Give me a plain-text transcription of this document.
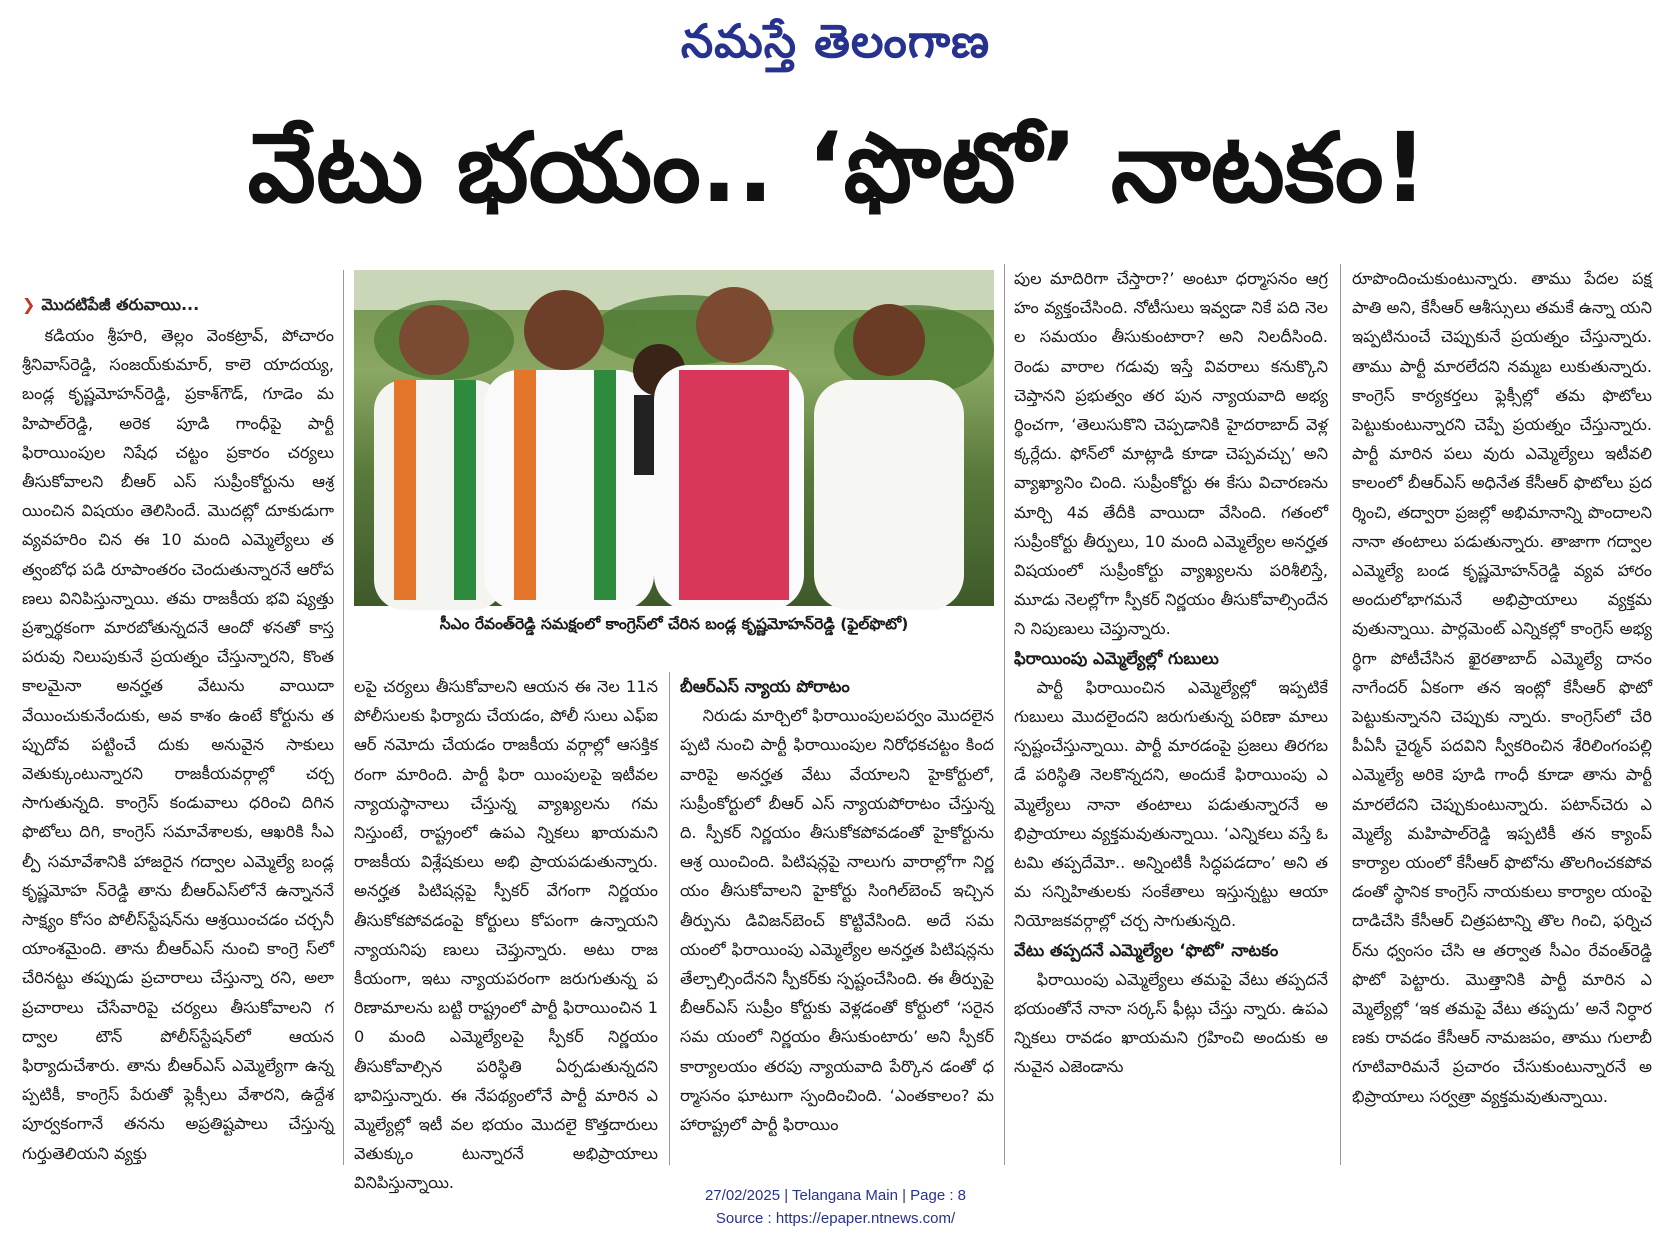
నమస్తే తెలంగాణ
వేటు భయం.. ‘ఫొటో’ నాటకం!
❯ మొదటిపేజీ తరువాయి...

కడియం శ్రీహరి, తెల్లం వెంకట్రావ్, పోచారం శ్రీనివాస్‌రెడ్డి, సంజయ్‌కుమార్, కాలె యాదయ్య, బండ్ల కృష్ణమోహన్‌రెడ్డి, ప్రకాశ్‌గౌడ్, గూడెం మహిపాల్‌రెడ్డి, అరెక పూడి గాంధీపై పార్టీ ఫిరాయింపుల నిషేధ చట్టం ప్రకారం చర్యలు తీసుకోవాలని బీఆర్ ఎస్ సుప్రీంకోర్టును ఆశ్రయించిన విషయం తెలిసిందే. మొదట్లో దూకుడుగా వ్యవహరిం చిన ఈ 10 మంది ఎమ్మెల్యేలు తత్వంబోధ పడి రూపాంతరం చెందుతున్నారనే ఆరోప ణలు వినిపిస్తున్నాయి. తమ రాజకీయ భవి ష్యత్తు ప్రశ్నార్థకంగా మారబోతున్నదనే ఆందో ళనతో కాస్త పరువు నిలుపుకునే ప్రయత్నం చేస్తున్నారని, కొంతకాలమైనా అనర్హత వేటును వాయిదా వేయించుకునేందుకు, అవ కాశం ఉంటే కోర్టును తప్పుదోవ పట్టించే దుకు అనువైన సాకులు వెతుక్కుంటున్నారని రాజకీయవర్గాల్లో చర్చ సాగుతున్నది. కాంగ్రెస్ కండువాలు ధరించి దిగిన ఫొటోలు దిగి, కాంగ్రెస్ సమావేశాలకు, ఆఖరికి సీఎల్పీ సమావేశానికి హాజరైన గద్వాల ఎమ్మెల్యే బండ్ల కృష్ణమోహ న్‌రెడ్డి తాను బీఆర్‌ఎస్‌లోనే ఉన్నాననే సాక్ష్యం కోసం పోలీస్‌స్టేషన్‌ను ఆశ్రయించడం చర్చనీ యాంశమైంది. తాను బీఆర్‌ఎస్ నుంచి కాంగ్రె స్‌లో చేరినట్టు తప్పుడు ప్రచారాలు చేస్తున్నా రని, అలా ప్రచారాలు చేసేవారిపై చర్యలు తీసుకోవాలని గద్వాల టౌన్ పోలీస్‌స్టేషన్‌లో ఆయన ఫిర్యాదుచేశారు. తాను బీఆర్‌ఎస్ ఎమ్మెల్యేగా ఉన్నప్పటికీ, కాంగ్రెస్ పేరుతో ఫ్లెక్సీలు వేశారని, ఉద్దేశపూర్వకంగానే తనను అప్రతిష్టపాలు చేస్తున్న గుర్తుతెలియని వ్యక్తు

సీఎం రేవంత్‌రెడ్డి సమక్షంలో కాంగ్రెస్‌లో చేరిన బండ్ల కృష్ణమోహన్‌రెడ్డి (ఫైల్‌ఫొటో)

లపై చర్యలు తీసుకోవాలని ఆయన ఈ నెల 11న పోలీసులకు ఫిర్యాదు చేయడం, పోలీ సులు ఎఫ్‌ఐఆర్ నమోదు చేయడం రాజకీయ వర్గాల్లో ఆసక్తికరంగా మారింది. పార్టీ ఫిరా యింపులపై ఇటీవల న్యాయస్థానాలు చేస్తున్న వ్యాఖ్యలను గమనిస్తుంటే, రాష్ట్రంలో ఉపఎ న్నికలు ఖాయమని రాజకీయ విశ్లేషకులు అభి ప్రాయపడుతున్నారు. అనర్హత పిటిషన్లపై స్పీకర్ వేగంగా నిర్ణయం తీసుకోకపోవడంపై కోర్టులు కోపంగా ఉన్నాయని న్యాయనిపు ణులు చెప్తున్నారు. అటు రాజకీయంగా, ఇటు న్యాయపరంగా జరుగుతున్న పరిణామాలను బట్టి రాష్ట్రంలో పార్టీ ఫిరాయించిన 10 మంది ఎమ్మెల్యేలపై స్పీకర్ నిర్ణయం తీసుకోవాల్సిన పరిస్థితి ఏర్పడుతున్నదని భావిస్తున్నారు. ఈ నేపథ్యంలోనే పార్టీ మారిన ఎమ్మెల్యేల్లో ఇటీ వల భయం మొదలై కొత్తదారులు వెతుక్కుం టున్నారనే అభిప్రాయాలు వినిపిస్తున్నాయి.

బీఆర్‌ఎస్ న్యాయ పోరాటం

నిరుడు మార్చిలో ఫిరాయింపులపర్వం మొదలైనప్పటి నుంచి పార్టీ ఫిరాయింపుల నిరోధకచట్టం కింద వారిపై అనర్హత వేటు వేయాలని హైకోర్టులో, సుప్రీంకోర్టులో బీఆర్ ఎస్ న్యాయపోరాటం చేస్తున్నది. స్పీకర్ నిర్ణయం తీసుకోకపోవడంతో హైకోర్టును ఆశ్ర యించింది. పిటిషన్లపై నాలుగు వారాల్లోగా నిర్ణయం తీసుకోవాలని హైకోర్టు సింగిల్‌బెంచ్ ఇచ్చిన తీర్పును డివిజన్‌బెంచ్ కొట్టివేసింది. అదే సమయంలో ఫిరాయింపు ఎమ్మెల్యేల అనర్హత పిటిషన్లను తేల్చాల్సిందేనని స్పీకర్‌కు స్పష్టంచేసింది. ఈ తీర్పుపై బీఆర్‌ఎస్ సుప్రీం కోర్టుకు వెళ్లడంతో కోర్టులో ‘సరైన సమ యంలో నిర్ణయం తీసుకుంటారు’ అని స్పీకర్ కార్యాలయం తరపు న్యాయవాది పేర్కొన డంతో ధర్మాసనం ఘాటుగా స్పందించింది. ‘ఎంతకాలం? మహారాష్ట్రలో పార్టీ ఫిరాయిం

పుల మాదిరిగా చేస్తారా?’ అంటూ ధర్మాసనం ఆగ్రహం వ్యక్తంచేసింది. నోటీసులు ఇవ్వడా నికే పది నెలల సమయం తీసుకుంటారా? అని నిలదీసింది. రెండు వారాల గడువు ఇస్తే వివరాలు కనుక్కొని చెప్తానని ప్రభుత్వం తర పున న్యాయవాది అభ్యర్థించగా, ‘తెలుసుకొని చెప్పడానికి హైదరాబాద్ వెళ్లక్కర్లేదు. ఫోన్‌లో మాట్లాడి కూడా చెప్పవచ్చు’ అని వ్యాఖ్యానిం చింది. సుప్రీంకోర్టు ఈ కేసు విచారణను మార్చి 4వ తేదీకి వాయిదా వేసింది. గతంలో సుప్రీంకోర్టు తీర్పులు, 10 మంది ఎమ్మెల్యేల అనర్హత విషయంలో సుప్రీంకోర్టు వ్యాఖ్యలను పరిశీలిస్తే, మూడు నెలల్లోగా స్పీకర్ నిర్ణయం తీసుకోవాల్సిందేనని నిపుణులు చెప్తున్నారు.

ఫిరాయింపు ఎమ్మెల్యేల్లో గుబులు

పార్టీ ఫిరాయించిన ఎమ్మెల్యేల్లో ఇప్పటికే గుబులు మొదలైందని జరుగుతున్న పరిణా మాలు స్పష్టంచేస్తున్నాయి. పార్టీ మారడంపై ప్రజలు తిరగబడే పరిస్థితి నెలకొన్నదని, అందుకే ఫిరాయింపు ఎమ్మెల్యేలు నానా తంటాలు పడుతున్నారనే అభిప్రాయాలు వ్యక్తమవుతున్నాయి. ‘ఎన్నికలు వస్తే ఓటమి తప్పదేమో.. అన్నింటికీ సిద్ధపడదాం’ అని తమ సన్నిహితులకు సంకేతాలు ఇస్తున్నట్టు ఆయా నియోజకవర్గాల్లో చర్చ సాగుతున్నది.

వేటు తప్పదనే ఎమ్మెల్యేల ‘ఫొటో’ నాటకం

ఫిరాయింపు ఎమ్మెల్యేలు తమపై వేటు తప్పదనే భయంతోనే నానా సర్కస్ ఫీట్లు చేస్తు న్నారు. ఉపఎన్నికలు రావడం ఖాయమని గ్రహించి అందుకు అనువైన ఎజెండాను

రూపొందించుకుంటున్నారు. తాము పేదల పక్షపాతి అని, కేసీఆర్ ఆశీస్సులు తమకే ఉన్నా యని ఇప్పటినుంచే చెప్పుకునే ప్రయత్నం చేస్తున్నారు. తాము పార్టీ మారలేదని నమ్మబ లుకుతున్నారు. కాంగ్రెస్ కార్యకర్తలు ఫ్లెక్సీల్లో తమ ఫొటోలు పెట్టుకుంటున్నారని చెప్పే ప్రయత్నం చేస్తున్నారు. పార్టీ మారిన పలు వురు ఎమ్మెల్యేలు ఇటీవలి కాలంలో బీఆర్‌ఎస్ అధినేత కేసీఆర్ ఫొటోలు ప్రదర్శించి, తద్వారా ప్రజల్లో అభిమానాన్ని పొందాలని నానా తంటాలు పడుతున్నారు. తాజాగా గద్వాల ఎమ్మెల్యే బండ కృష్ణమోహన్‌రెడ్డి వ్యవ హారం అందులోభాగమనే అభిప్రాయాలు వ్యక్తమవుతున్నాయి. పార్లమెంట్ ఎన్నికల్లో కాంగ్రెస్ అభ్యర్థిగా పోటీచేసిన ఖైరతాబాద్ ఎమ్మెల్యే దానం నాగేందర్ ఏకంగా తన ఇంట్లో కేసీఆర్ ఫొటో పెట్టుకున్నానని చెప్పుకు న్నారు. కాంగ్రెస్‌లో చేరి పీఏసీ చైర్మన్ పదవిని స్వీకరించిన శేరిలింగంపల్లి ఎమ్మెల్యే అరికె పూడి గాంధీ కూడా తాను పార్టీ మారలేదని చెప్పుకుంటున్నారు. పటాన్‌చెరు ఎమ్మెల్యే మహిపాల్‌రెడ్డి ఇప్పటికీ తన క్యాంప్ కార్యాల యంలో కేసీఆర్ ఫొటోను తొలగించకపోవ డంతో స్థానిక కాంగ్రెస్ నాయకులు కార్యాల యంపై దాడిచేసి కేసీఆర్ చిత్రపటాన్ని తొల గించి, ఫర్నిచర్‌ను ధ్వంసం చేసి ఆ తర్వాత సీఎం రేవంత్‌రెడ్డి ఫొటో పెట్టారు. మొత్తానికి పార్టీ మారిన ఎమ్మెల్యేల్లో ‘ఇక తమపై వేటు తప్పదు’ అనే నిర్ధారణకు రావడం కేసీఆర్ నామజపం, తాము గులాబీ గూటివారిమనే ప్రచారం చేసుకుంటున్నారనే అభిప్రాయాలు సర్వత్రా వ్యక్తమవుతున్నాయి.

27/02/2025 | Telangana Main | Page : 8
Source : https://epaper.ntnews.com/
